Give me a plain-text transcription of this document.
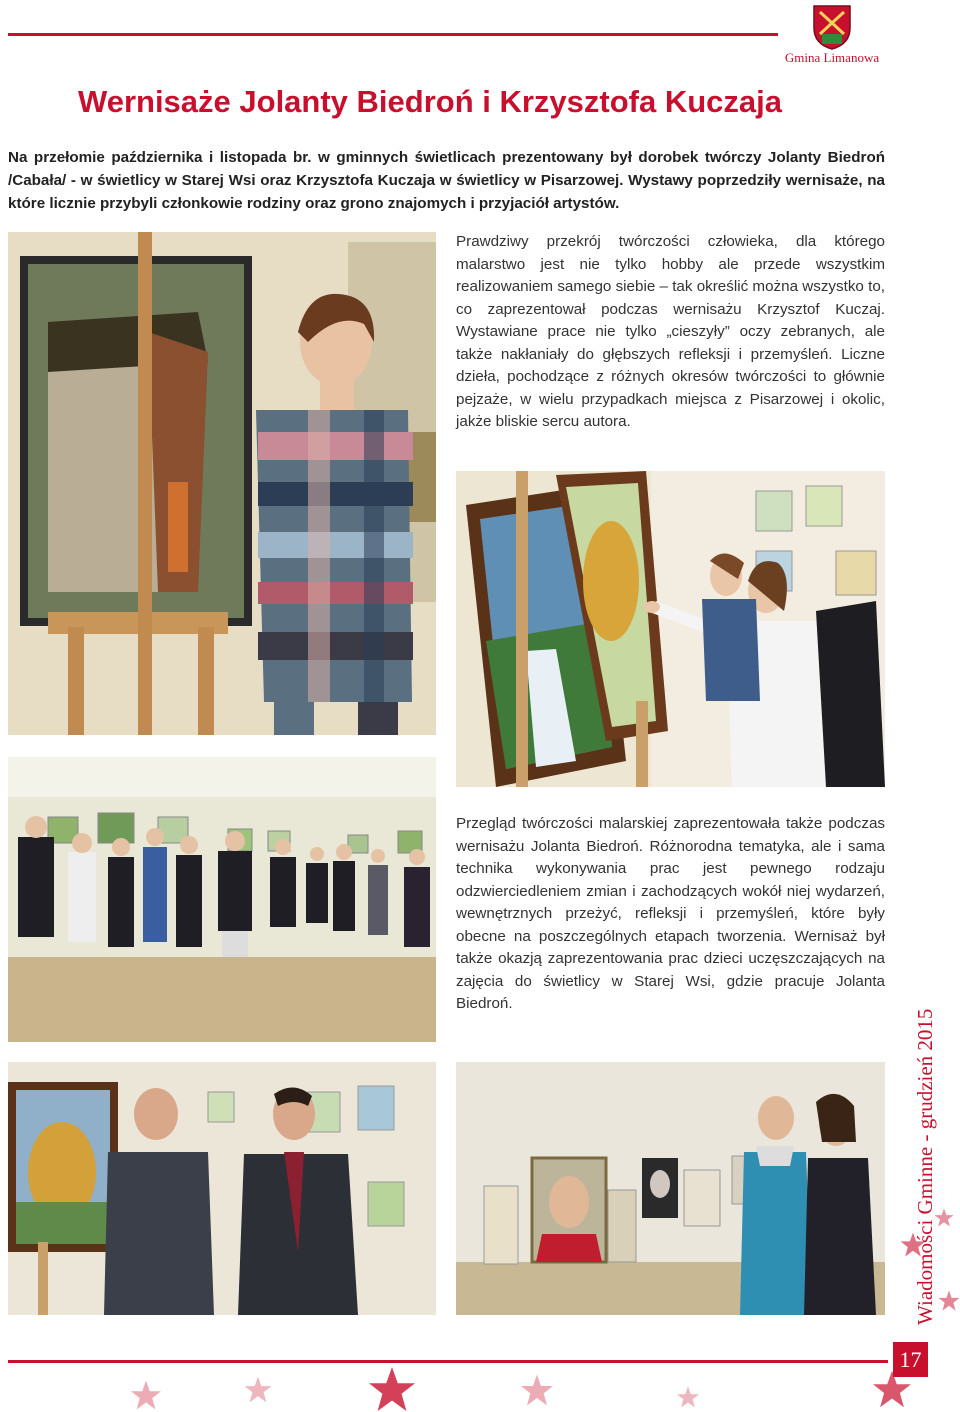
Gmina Limanowa
Wernisaże Jolanty Biedroń i Krzysztofa Kuczaja

Na przełomie października i listopada br. w gminnych świetlicach prezentowany był dorobek twórczy Jolanty Biedroń /Cabała/ - w świetlicy w Starej Wsi oraz Krzysztofa Kuczaja w świetlicy w Pisarzowej. Wystawy poprzedziły wernisaże, na które licznie przybyli członkowie rodziny oraz grono znajomych i przyjaciół artystów.

Prawdziwy przekrój twórczości człowieka, dla którego malarstwo jest nie tylko hobby ale przede wszystkim realizowaniem samego siebie – tak określić można wszystko to, co zaprezentował podczas wernisażu Krzysztof Kuczaj. Wystawiane prace nie tylko „cieszyły” oczy zebranych, ale także nakłaniały do głębszych refleksji i przemyśleń. Liczne dzieła, pochodzące z różnych okresów twórczości to głównie pejzaże, w wielu przypadkach miejsca z Pisarzowej i okolic, jakże bliskie sercu autora.

Przegląd twórczości malarskiej zaprezentowała także podczas wernisażu Jolanta Biedroń. Różnorodna tematyka, ale i sama technika wykonywania prac jest pewnego rodzaju odzwierciedleniem zmian i zachodzących wokół niej wydarzeń, wewnętrznych przeżyć, refleksji i przemyśleń, które były obecne na poszczególnych etapach tworzenia. Wernisaż był także okazją zaprezentowania prac dzieci uczęszczających na zajęcia do świetlicy w Starej Wsi, gdzie pracuje Jolanta Biedroń.

Wiadomości Gminne - grudzień 2015
17
